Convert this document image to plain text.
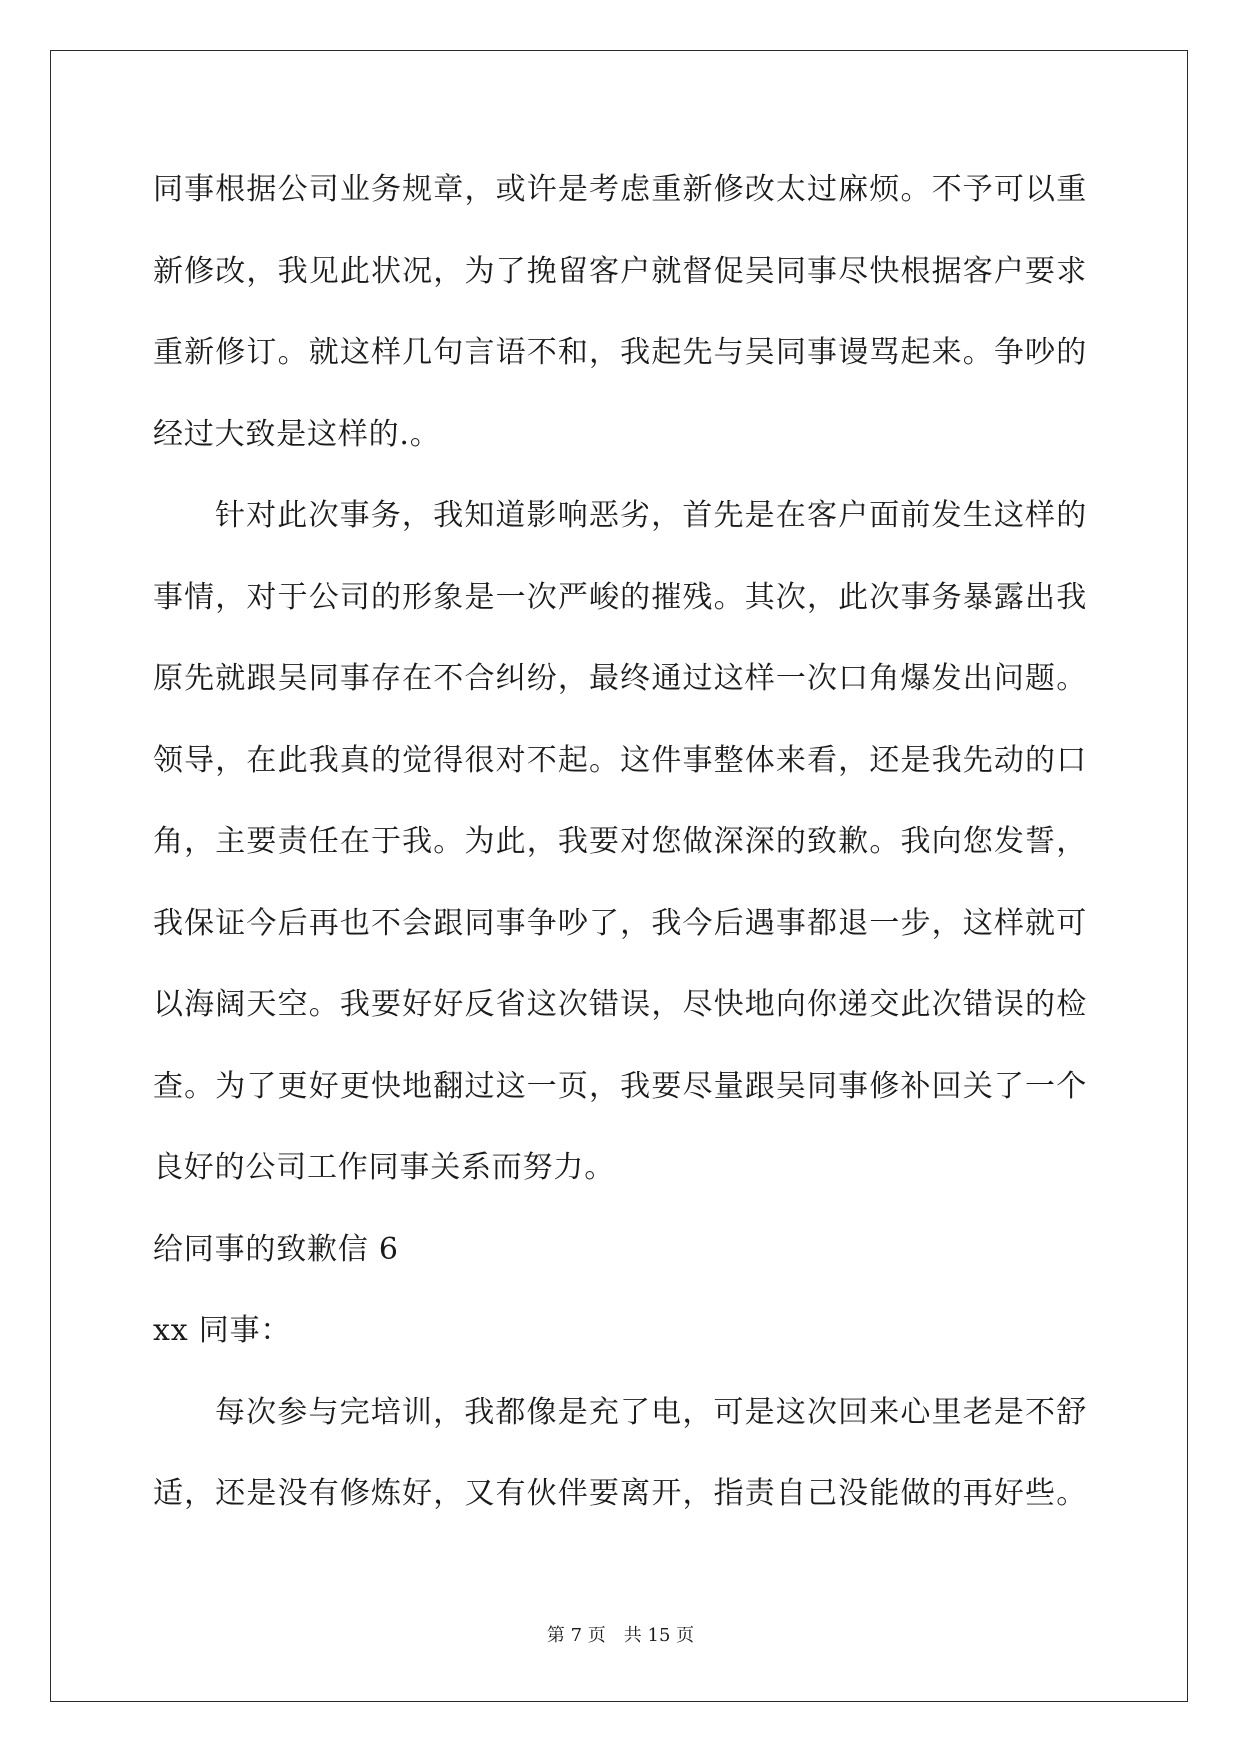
同事根据公司业务规章，或许是考虑重新修改太过麻烦。不予可以重
新修改，我见此状况，为了挽留客户就督促吴同事尽快根据客户要求
重新修订。就这样几句言语不和，我起先与吴同事谩骂起来。争吵的
经过大致是这样的.。
针对此次事务，我知道影响恶劣，首先是在客户面前发生这样的
事情，对于公司的形象是一次严峻的摧残。其次，此次事务暴露出我
原先就跟吴同事存在不合纠纷，最终通过这样一次口角爆发出问题。
领导，在此我真的觉得很对不起。这件事整体来看，还是我先动的口
角，主要责任在于我。为此，我要对您做深深的致歉。我向您发誓，
我保证今后再也不会跟同事争吵了，我今后遇事都退一步，这样就可
以海阔天空。我要好好反省这次错误，尽快地向你递交此次错误的检
查。为了更好更快地翻过这一页，我要尽量跟吴同事修补回关了一个
良好的公司工作同事关系而努力。
给同事的致歉信 6
xx 同事：
每次参与完培训，我都像是充了电，可是这次回来心里老是不舒
适，还是没有修炼好，又有伙伴要离开，指责自己没能做的再好些。
第 7 页　共 15 页
